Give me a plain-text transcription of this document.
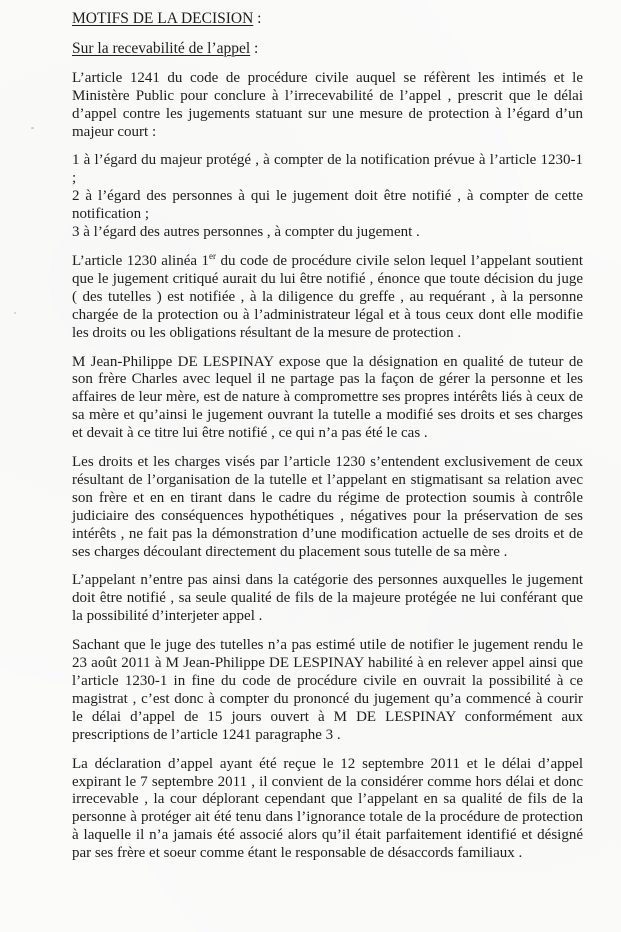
MOTIFS DE LA DECISION :
Sur la recevabilité de l’appel :

L’article 1241 du code de procédure civile auquel se réfèrent les intimés et le Ministère Public pour conclure à l’irrecevabilité de l’appel , prescrit que le délai d’appel contre les jugements statuant sur une mesure de protection à l’égard d’un majeur court :

1 à l’égard du majeur protégé , à compter de la notification prévue à l’article 1230-1 ;

2 à l’égard des personnes à qui le jugement doit être notifié , à compter de cette notification ;

3 à l’égard des autres personnes , à compter du jugement .

L’article 1230 alinéa 1er du code de procédure civile selon lequel l’appelant soutient que le jugement critiqué aurait du lui être notifié , énonce que toute décision du juge ( des tutelles ) est notifiée , à la diligence du greffe , au requérant , à la personne chargée de la protection ou à l’administrateur légal et à tous ceux dont elle modifie les droits ou les obligations résultant de la mesure de protection .

M Jean-Philippe DE LESPINAY expose que la désignation en qualité de tuteur de son frère Charles avec lequel il ne partage pas la façon de gérer la personne et les affaires de leur mère, est de nature à compromettre ses propres intérêts liés à ceux de sa mère et qu’ainsi le jugement ouvrant la tutelle a modifié ses droits et ses charges et devait à ce titre lui être notifié , ce qui n’a pas été le cas .

Les droits et les charges visés par l’article 1230 s’entendent exclusivement de ceux résultant de l’organisation de la tutelle et l’appelant en stigmatisant sa relation avec son frère et en en tirant dans le cadre du régime de protection soumis à contrôle judiciaire des conséquences hypothétiques , négatives pour la préservation de ses intérêts , ne fait pas la démonstration d’une modification actuelle de ses droits et de ses charges découlant directement du placement sous tutelle de sa mère .

L’appelant n’entre pas ainsi dans la catégorie des personnes auxquelles le jugement doit être notifié , sa seule qualité de fils de la majeure protégée ne lui conférant que la possibilité d’interjeter appel .

Sachant que le juge des tutelles n’a pas estimé utile de notifier le jugement rendu le 23 août 2011 à M Jean-Philippe DE LESPINAY habilité à en relever appel ainsi que l’article 1230-1 in fine du code de procédure civile en ouvrait la possibilité à ce magistrat , c’est donc à compter du prononcé du jugement qu’a commencé à courir le délai d’appel de 15 jours ouvert à M DE LESPINAY conformément aux prescriptions de l’article 1241 paragraphe 3 .

La déclaration d’appel ayant été reçue le 12 septembre 2011 et le délai d’appel expirant le 7 septembre 2011 , il convient de la considérer comme hors délai et donc irrecevable , la cour déplorant cependant que l’appelant en sa qualité de fils de la personne à protéger ait été tenu dans l’ignorance totale de la procédure de protection à laquelle il n’a jamais été associé alors qu’il était parfaitement identifié et désigné par ses frère et soeur comme étant le responsable de désaccords familiaux .
